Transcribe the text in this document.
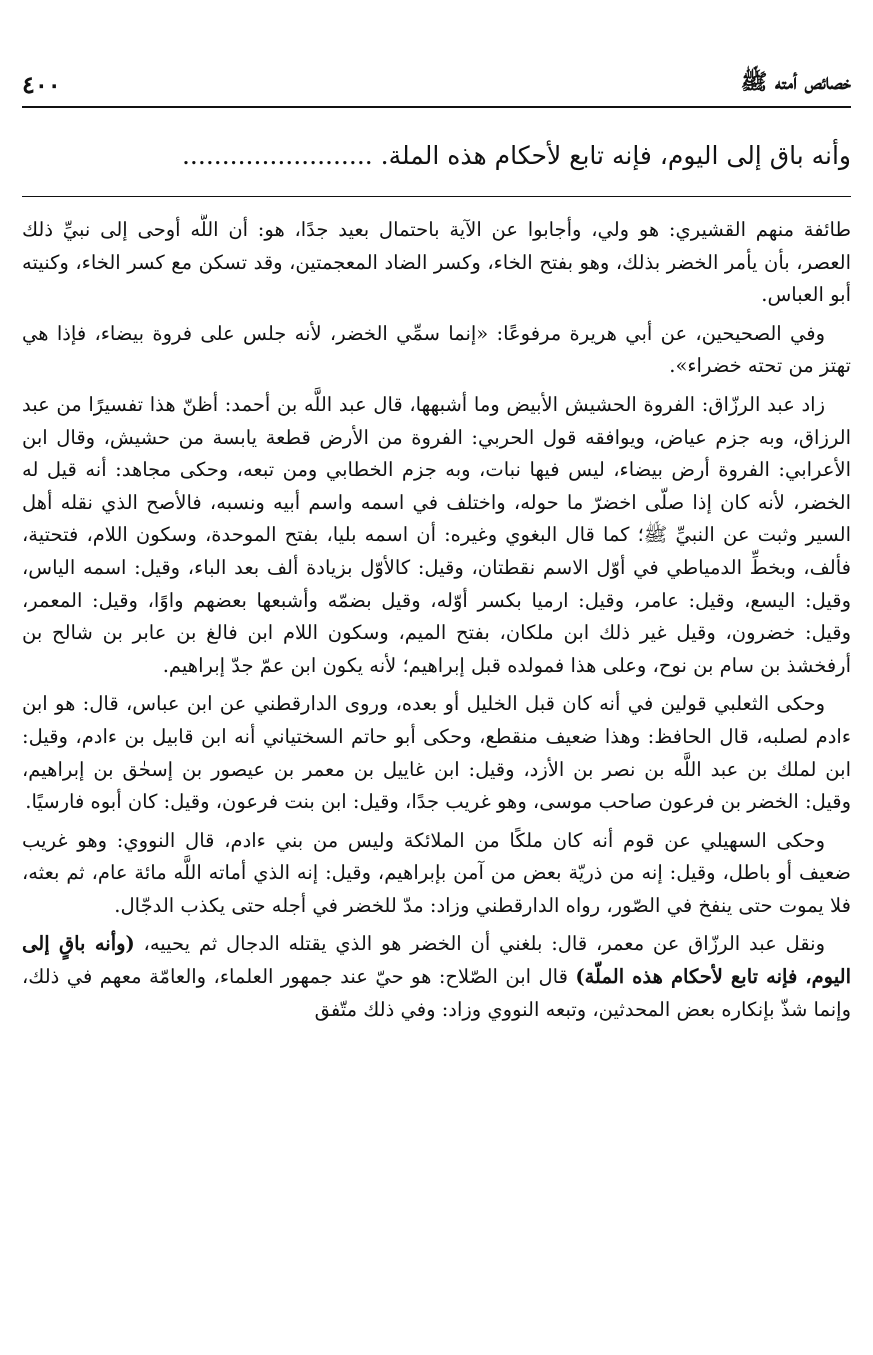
خصائص أمته ﷺ
٤٠٠
وأنه باق إلى اليوم، فإنه تابع لأحكام هذه الملة. ........................

طائفة منهم القشيري: هو ولي، وأجابوا عن الآية باحتمال بعيد جدًا، هو: أن اللَّه أوحى إلى نبيِّ ذلك العصر، بأن يأمر الخضر بذلك، وهو بفتح الخاء، وكسر الضاد المعجمتين، وقد تسكن مع كسر الخاء، وكنيته أبو العباس.

وفي الصحيحين، عن أبي هريرة مرفوعًا: «إنما سمِّي الخضر، لأنه جلس على فروة بيضاء، فإذا هي تهتز من تحته خضراء».

زاد عبد الرزّاق: الفروة الحشيش الأبيض وما أشبهها، قال عبد اللَّه بن أحمد: أظنّ هذا تفسيرًا من عبد الرزاق، وبه جزم عياض، ويوافقه قول الحربي: الفروة من الأرض قطعة يابسة من حشيش، وقال ابن الأعرابي: الفروة أرض بيضاء، ليس فيها نبات، وبه جزم الخطابي ومن تبعه، وحكى مجاهد: أنه قيل له الخضر، لأنه كان إذا صلّى اخضرّ ما حوله، واختلف في اسمه واسم أبيه ونسبه، فالأصح الذي نقله أهل السير وثبت عن النبيِّ ﷺ؛ كما قال البغوي وغيره: أن اسمه بليا، بفتح الموحدة، وسكون اللام، فتحتية، فألف، وبخطِّ الدمياطي في أوّل الاسم نقطتان، وقيل: كالأوّل بزيادة ألف بعد الباء، وقيل: اسمه الياس، وقيل: اليسع، وقيل: عامر، وقيل: ارميا بكسر أوّله، وقيل بضمّه وأشبعها بعضهم واوًا، وقيل: المعمر، وقيل: خضرون، وقيل غير ذلك ابن ملكان، بفتح الميم، وسكون اللام ابن فالغ بن عابر بن شالح بن أرفخشذ بن سام بن نوح، وعلى هذا فمولده قبل إبراهيم؛ لأنه يكون ابن عمّ جدّ إبراهيم.

وحكى الثعلبي قولين في أنه كان قبل الخليل أو بعده، وروى الدارقطني عن ابن عباس، قال: هو ابن ءادم لصلبه، قال الحافظ: وهذا ضعيف منقطع، وحكى أبو حاتم السختياني أنه ابن قابيل بن ءادم، وقيل: ابن لملك بن عبد اللَّه بن نصر بن الأزد، وقيل: ابن غاييل بن معمر بن عيصور بن إسحٰق بن إبراهيم، وقيل: الخضر بن فرعون صاحب موسى، وهو غريب جدًا، وقيل: ابن بنت فرعون، وقيل: كان أبوه فارسيًا.

وحكى السهيلي عن قوم أنه كان ملكًا من الملائكة وليس من بني ءادم، قال النووي: وهو غريب ضعيف أو باطل، وقيل: إنه من ذريّة بعض من آمن بإبراهيم، وقيل: إنه الذي أماته اللَّه مائة عام، ثم بعثه، فلا يموت حتى ينفخ في الصّور، رواه الدارقطني وزاد: مدّ للخضر في أجله حتى يكذب الدجّال.

ونقل عبد الرزّاق عن معمر، قال: بلغني أن الخضر هو الذي يقتله الدجال ثم يحييه، (وأنه باقٍ إلى اليوم، فإنه تابع لأحكام هذه الملّة) قال ابن الصّلاح: هو حيّ عند جمهور العلماء، والعامّة معهم في ذلك، وإنما شذّ بإنكاره بعض المحدثين، وتبعه النووي وزاد: وفي ذلك متّفق
